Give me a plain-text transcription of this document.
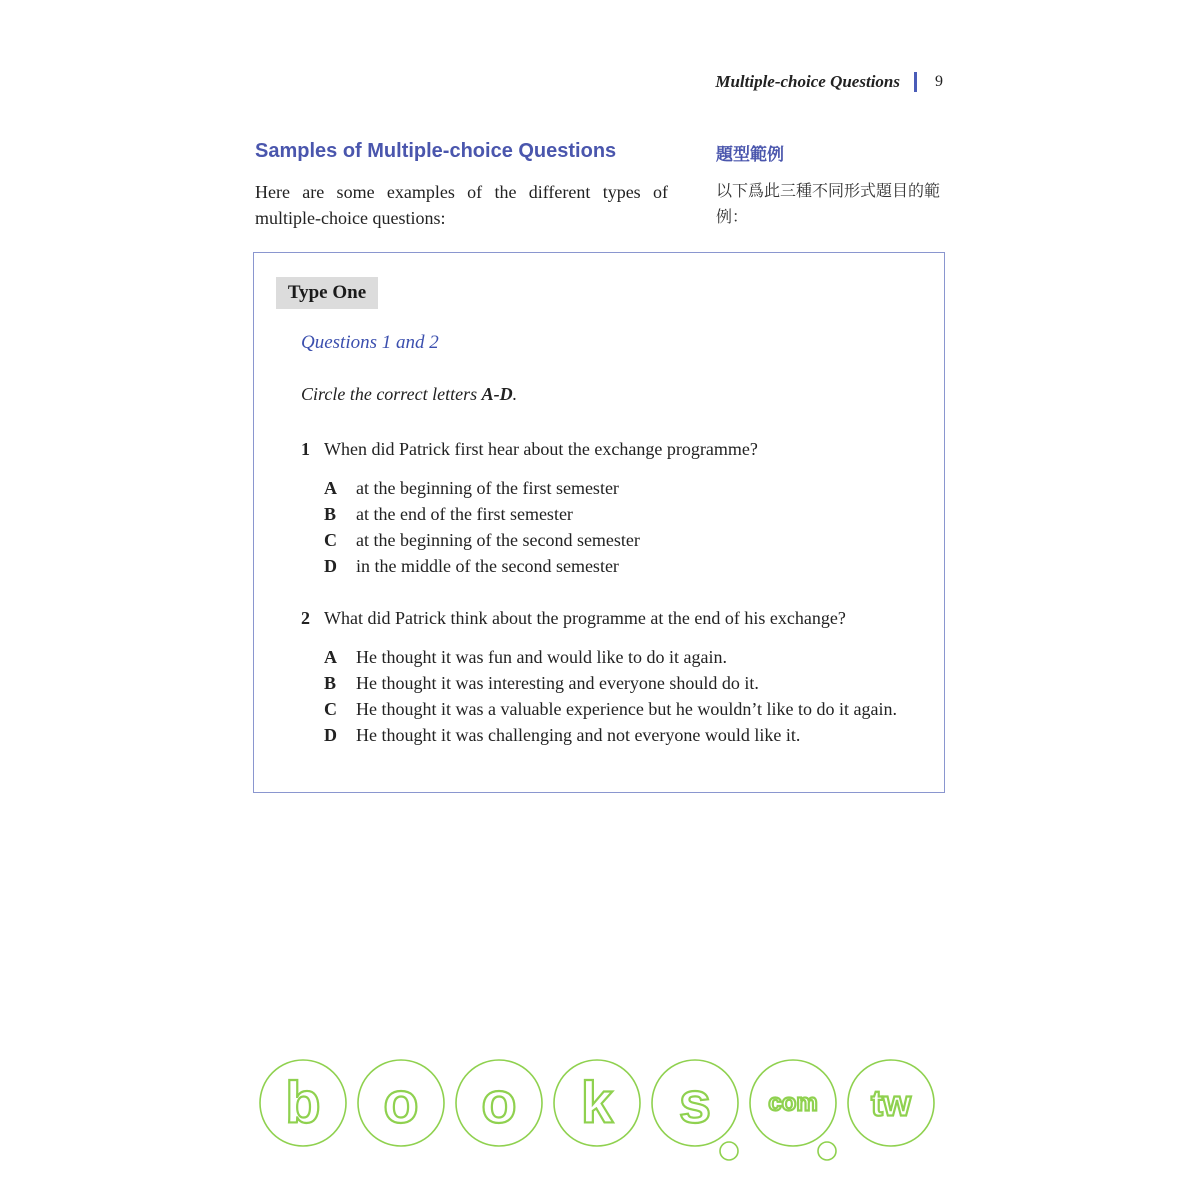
Multiple-choice Questions 9
Samples of Multiple-choice Questions	題型範例
Here are some examples of the different types of multiple-choice questions:
以下爲此三種不同形式題目的範例：
Type One
Questions 1 and 2
Circle the correct letters A-D.
1 When did Patrick first hear about the exchange programme?
A	at the beginning of the first semester
B	at the end of the first semester
C	at the beginning of the second semester
D	in the middle of the second semester
2 What did Patrick think about the programme at the end of his exchange?
A	He thought it was fun and would like to do it again.
B	He thought it was interesting and everyone should do it.
C	He thought it was a valuable experience but he wouldn’t like to do it again.
D	He thought it was challenging and not everyone would like it.
b o o k s com tw
